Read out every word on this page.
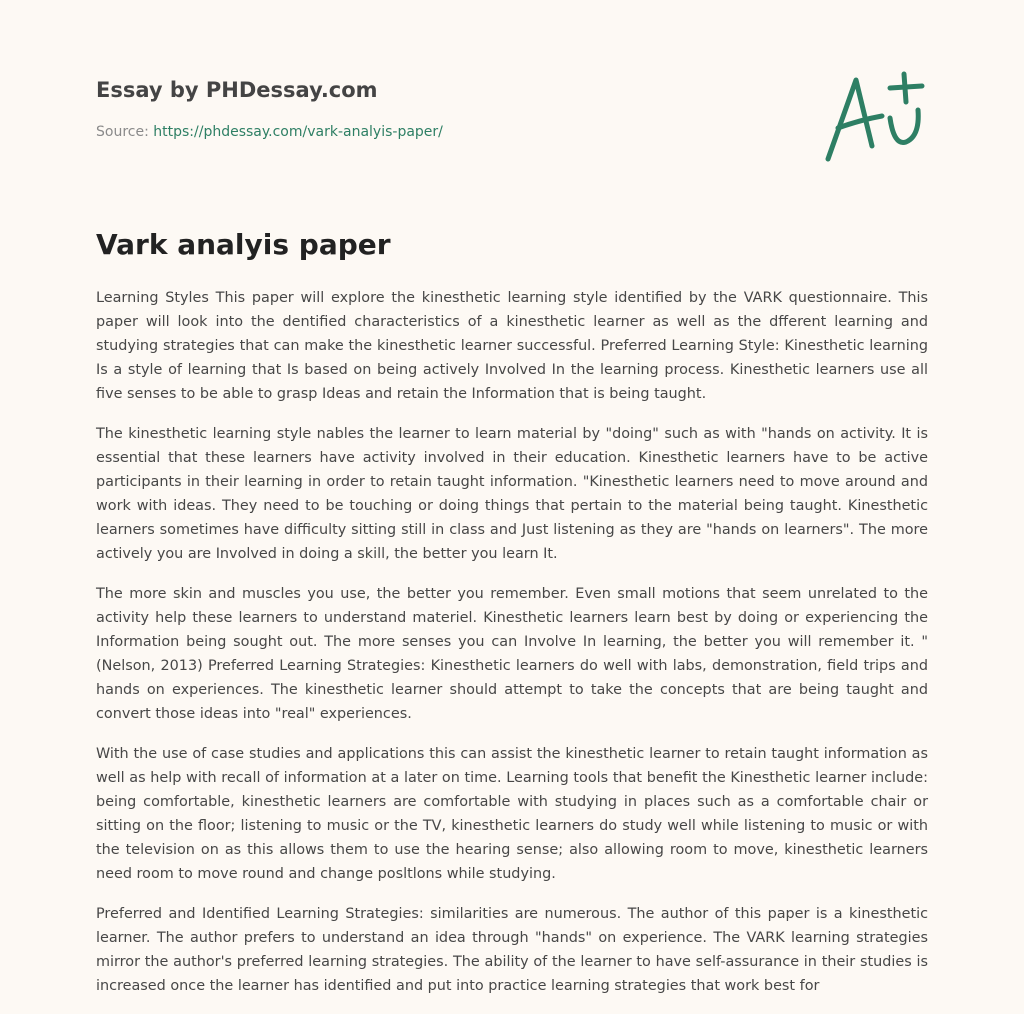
Essay by PHDessay.com
Source: https://phdessay.com/vark-analyis-paper/
Vark analyis paper

Learning Styles This paper will explore the kinesthetic learning style identified by the VARK questionnaire. This paper will look into the dentified characteristics of a kinesthetic learner as well as the dfferent learning and studying strategies that can make the kinesthetic learner successful. Preferred Learning Style: Kinesthetic learning Is a style of learning that Is based on being actively Involved In the learning process. Kinesthetic learners use all five senses to be able to grasp Ideas and retain the Information that is being taught.

The kinesthetic learning style nables the learner to learn material by "doing" such as with "hands on activity. It is essential that these learners have activity involved in their education. Kinesthetic learners have to be active participants in their learning in order to retain taught information. "Kinesthetic learners need to move around and work with ideas. They need to be touching or doing things that pertain to the material being taught. Kinesthetic learners sometimes have difficulty sitting still in class and Just listening as they are "hands on learners". The more actively you are Involved in doing a skill, the better you learn It.

The more skin and muscles you use, the better you remember. Even small motions that seem unrelated to the activity help these learners to understand materiel. Kinesthetic learners learn best by doing or experiencing the Information being sought out. The more senses you can Involve In learning, the better you will remember it. " (Nelson, 2013) Preferred Learning Strategies: Kinesthetic learners do well with labs, demonstration, field trips and hands on experiences. The kinesthetic learner should attempt to take the concepts that are being taught and convert those ideas into "real" experiences.

With the use of case studies and applications this can assist the kinesthetic learner to retain taught information as well as help with recall of information at a later on time. Learning tools that benefit the Kinesthetic learner include: being comfortable, kinesthetic learners are comfortable with studying in places such as a comfortable chair or sitting on the floor; listening to music or the TV, kinesthetic learners do study well while listening to music or with the television on as this allows them to use the hearing sense; also allowing room to move, kinesthetic learners need room to move round and change posltlons while studying.

Preferred and Identified Learning Strategies: similarities are numerous. The author of this paper is a kinesthetic learner. The author prefers to understand an idea through "hands" on experience. The VARK learning strategies mirror the author's preferred learning strategies. The ability of the learner to have self-assurance in their studies is increased once the learner has identified and put into practice learning strategies that work best for
